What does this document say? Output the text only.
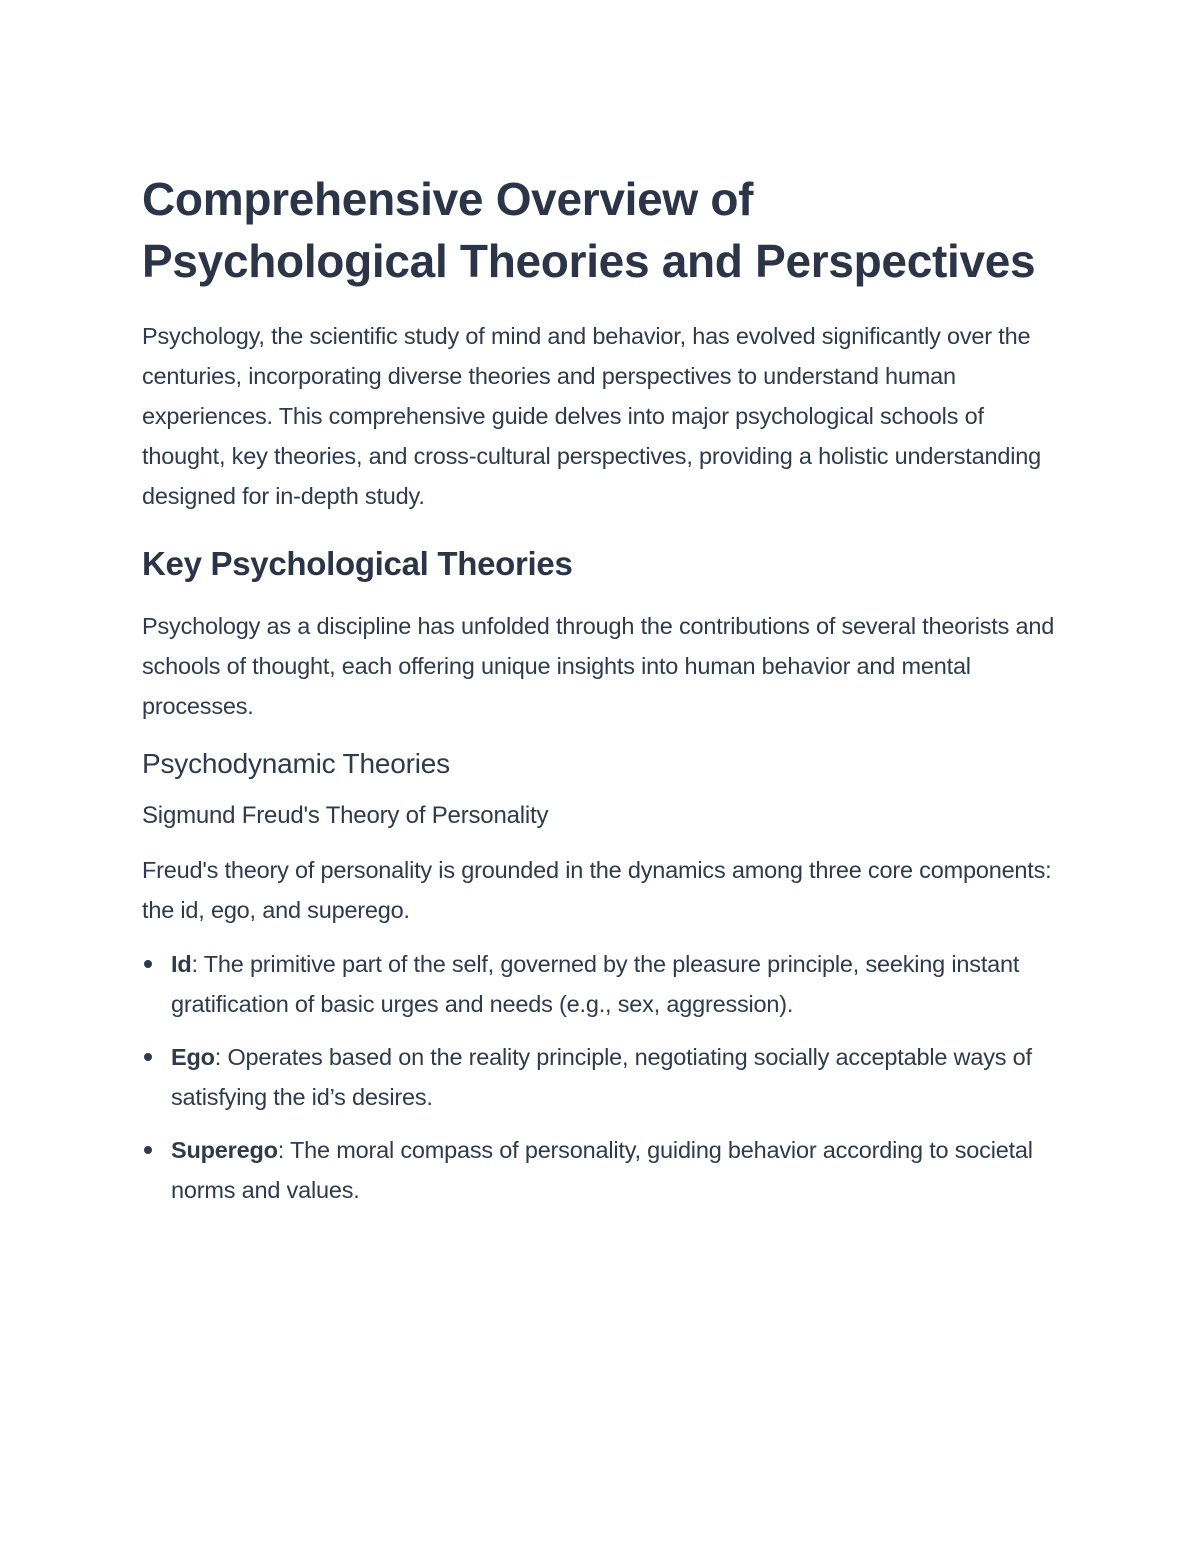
Comprehensive Overview of Psychological Theories and Perspectives

Psychology, the scientific study of mind and behavior, has evolved significantly over the centuries, incorporating diverse theories and perspectives to understand human experiences. This comprehensive guide delves into major psychological schools of thought, key theories, and cross-cultural perspectives, providing a holistic understanding designed for in-depth study.

Key Psychological Theories

Psychology as a discipline has unfolded through the contributions of several theorists and schools of thought, each offering unique insights into human behavior and mental processes.

Psychodynamic Theories
Sigmund Freud's Theory of Personality

Freud's theory of personality is grounded in the dynamics among three core components: the id, ego, and superego.

Id: The primitive part of the self, governed by the pleasure principle, seeking instant gratification of basic urges and needs (e.g., sex, aggression).
Ego: Operates based on the reality principle, negotiating socially acceptable ways of satisfying the id’s desires.
Superego: The moral compass of personality, guiding behavior according to societal norms and values.
